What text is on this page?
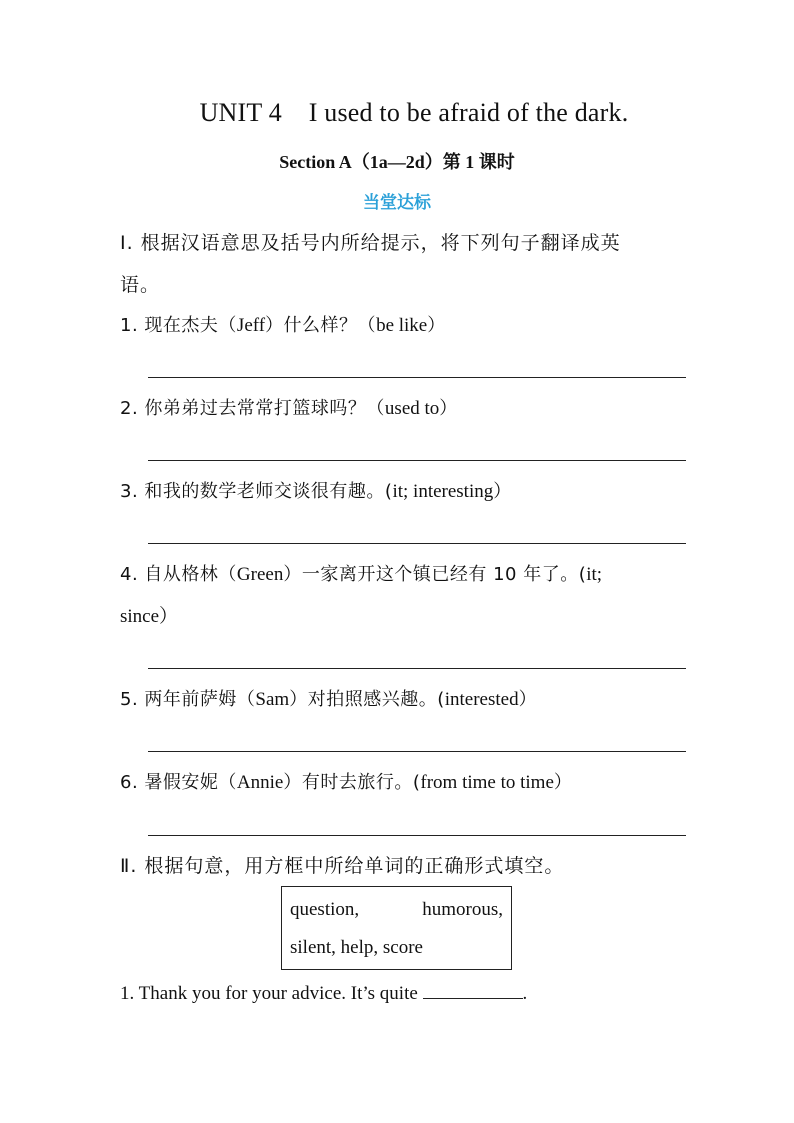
UNIT 4    I used to be afraid of the dark.
Section A（1a—2d）第 1 课时
当堂达标
Ⅰ. 根据汉语意思及括号内所给提示，将下列句子翻译成英
语。
1. 现在杰夫（Jeff）什么样？（be like）
2. 你弟弟过去常常打篮球吗？（used to）
3. 和我的数学老师交谈很有趣。(it; interesting）
4. 自从格林（Green）一家离开这个镇已经有 10 年了。(it;
since）
5. 两年前萨姆（Sam）对拍照感兴趣。(interested）
6. 暑假安妮（Annie）有时去旅行。(from time to time）
Ⅱ. 根据句意，用方框中所给单词的正确形式填空。
question,	humorous,
silent, help, score
1. Thank you for your advice. It’s quite	.
